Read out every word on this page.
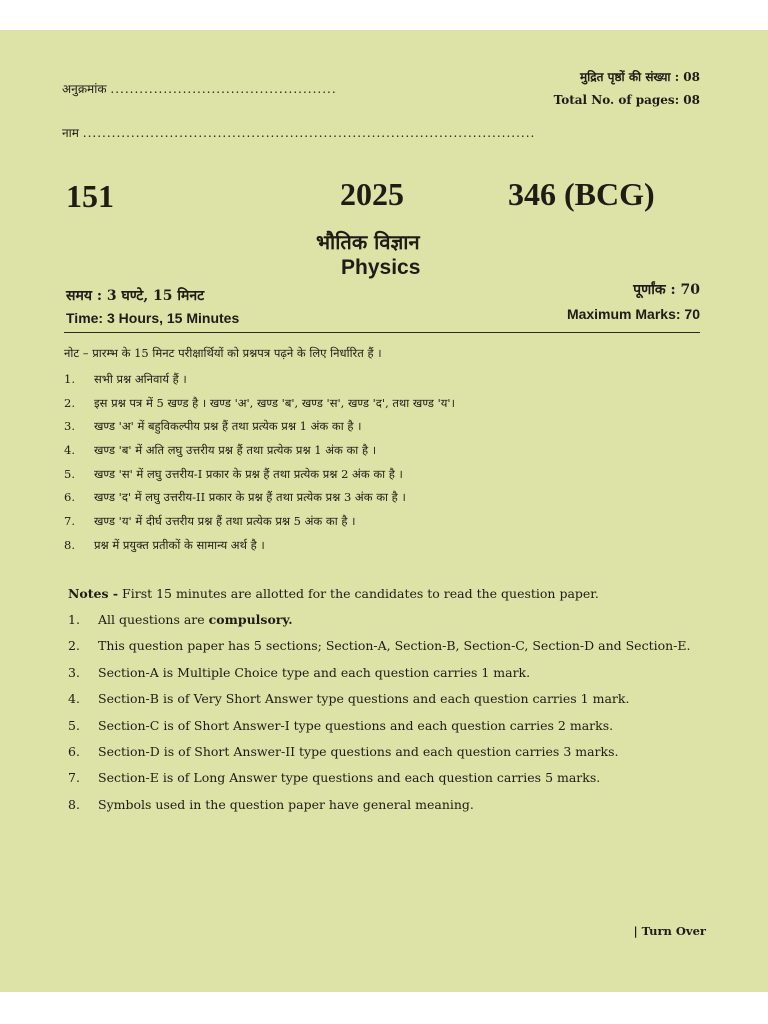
अनुक्रमांक ...............................................
नाम ..............................................................................................
मुद्रित पृष्ठों की संख्या : 08
Total No. of pages: 08
151	2025	346 (BCG)
भौतिक विज्ञान
Physics
समय : 3 घण्टे, 15 मिनट	पूर्णांक : 70
Time: 3 Hours, 15 Minutes	Maximum Marks: 70
नोट – प्रारम्भ के 15 मिनट परीक्षार्थियों को प्रश्नपत्र पढ़ने के लिए निर्धारित हैं ।
1. सभी प्रश्न अनिवार्य हैं ।
2. इस प्रश्न पत्र में 5 खण्ड है । खण्ड 'अ', खण्ड 'ब', खण्ड 'स', खण्ड 'द', तथा खण्ड 'य'।
3. खण्ड 'अ' में बहुविकल्पीय प्रश्न हैं तथा प्रत्येक प्रश्न 1 अंक का है ।
4. खण्ड 'ब' में अति लघु उत्तरीय प्रश्न हैं तथा प्रत्येक प्रश्न 1 अंक का है ।
5. खण्ड 'स' में लघु उत्तरीय-I प्रकार के प्रश्न हैं तथा प्रत्येक प्रश्न 2 अंक का है ।
6. खण्ड 'द' में लघु उत्तरीय-II प्रकार के प्रश्न हैं तथा प्रत्येक प्रश्न 3 अंक का है ।
7. खण्ड 'य' में दीर्घ उत्तरीय प्रश्न हैं तथा प्रत्येक प्रश्न 5 अंक का है ।
8. प्रश्न में प्रयुक्त प्रतीकों के सामान्य अर्थ है ।
Notes - First 15 minutes are allotted for the candidates to read the question paper.
1. All questions are compulsory.
2. This question paper has 5 sections; Section-A, Section-B, Section-C, Section-D and Section-E.
3. Section-A is Multiple Choice type and each question carries 1 mark.
4. Section-B is of Very Short Answer type questions and each question carries 1 mark.
5. Section-C is of Short Answer-I type questions and each question carries 2 marks.
6. Section-D is of Short Answer-II type questions and each question carries 3 marks.
7. Section-E is of Long Answer type questions and each question carries 5 marks.
8. Symbols used in the question paper have general meaning.
| Turn Over
